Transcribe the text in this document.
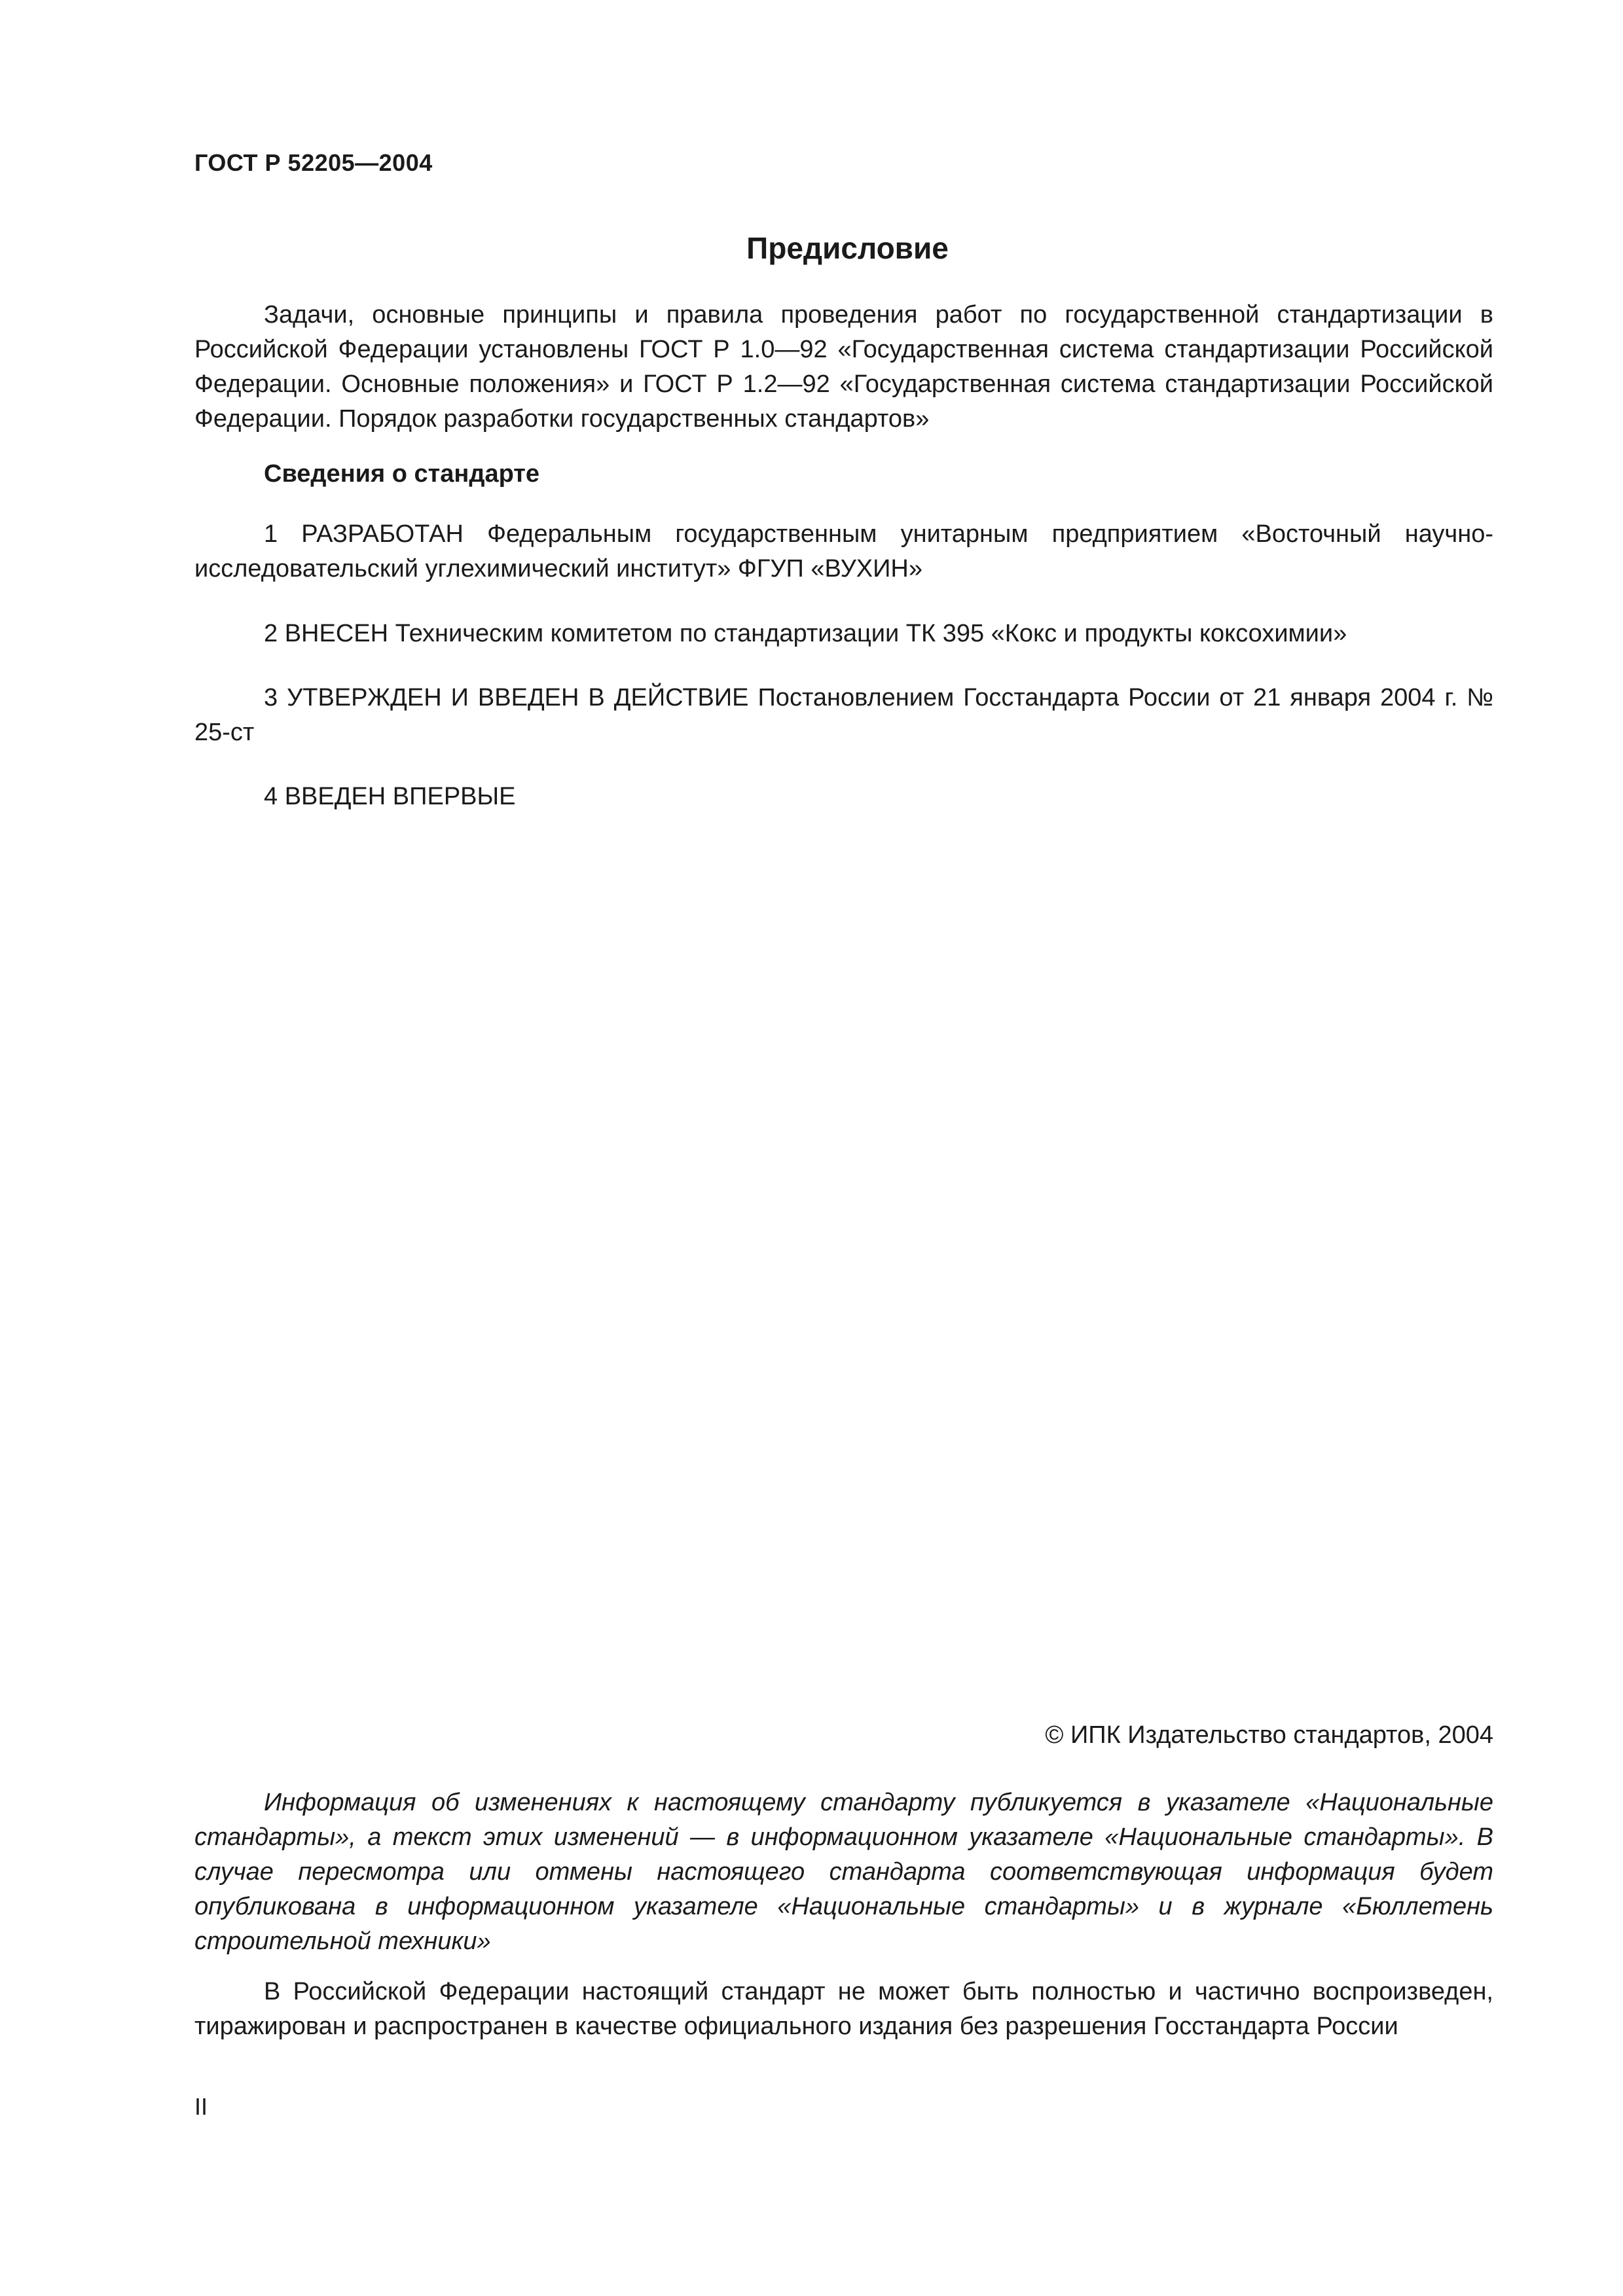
ГОСТ Р 52205—2004
Предисловие

Задачи, основные принципы и правила проведения работ по государственной стандартизации в Российской Федерации установлены ГОСТ Р 1.0—92 «Государственная система стандартизации Российской Федерации. Основные положения» и ГОСТ Р 1.2—92 «Государственная система стандартизации Российской Федерации. Порядок разработки государственных стандартов»

Сведения о стандарте

1 РАЗРАБОТАН Федеральным государственным унитарным предприятием «Восточный научно-исследовательский углехимический институт» ФГУП «ВУХИН»

2 ВНЕСЕН Техническим комитетом по стандартизации ТК 395 «Кокс и продукты коксохимии»

3 УТВЕРЖДЕН И ВВЕДЕН В ДЕЙСТВИЕ Постановлением Госстандарта России от 21 января 2004 г. № 25-ст

4 ВВЕДЕН ВПЕРВЫЕ

© ИПК Издательство стандартов, 2004

Информация об изменениях к настоящему стандарту публикуется в указателе «Национальные стандарты», а текст этих изменений — в информационном указателе «Национальные стандарты». В случае пересмотра или отмены настоящего стандарта соответствующая информация будет опубликована в информационном указателе «Национальные стандарты» и в журнале «Бюллетень строительной техники»

В Российской Федерации настоящий стандарт не может быть полностью и частично воспроизведен, тиражирован и распространен в качестве официального издания без разрешения Госстандарта России

II
